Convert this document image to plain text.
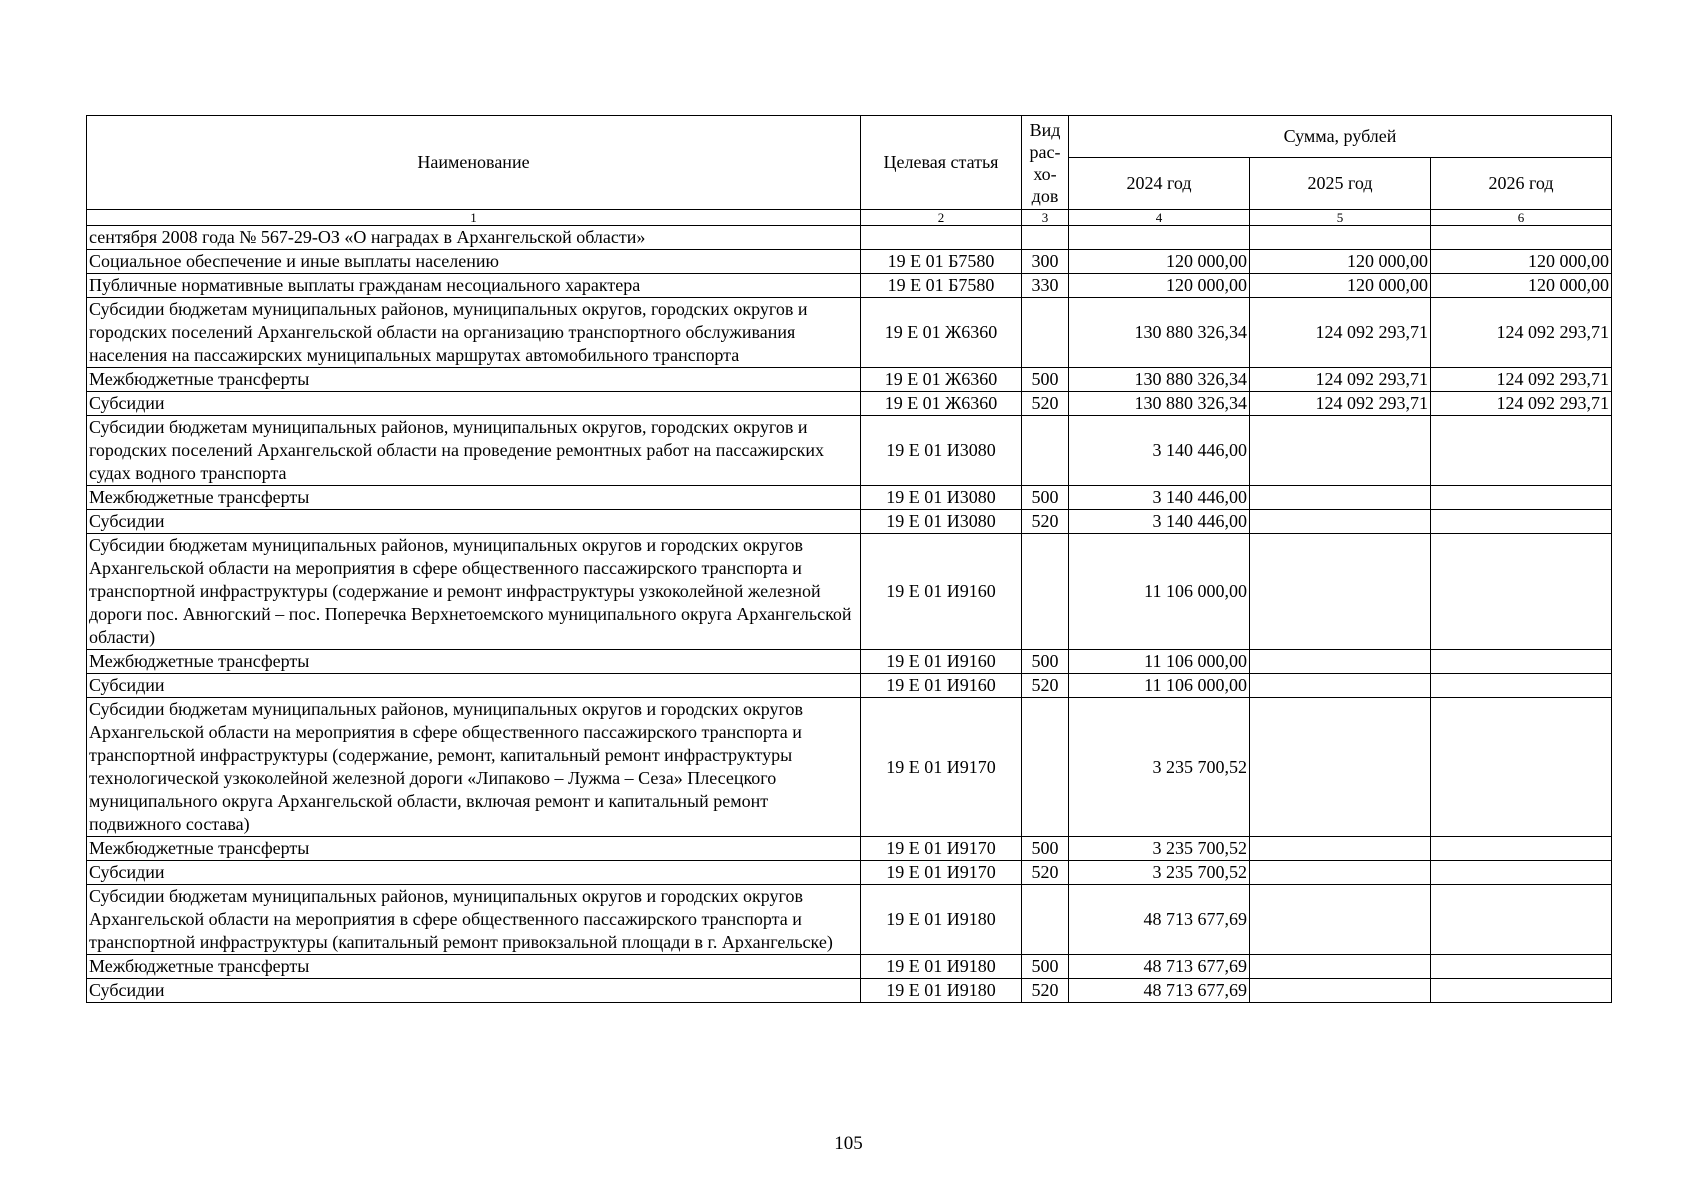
Наименование	Целевая статья	Вид рас-хо-дов	Сумма, рублей		
			2024 год	2025 год	2026 год
1	2	3	4	5	6
сентября 2008 года № 567-29-ОЗ «О наградах в Архангельской области»					
Социальное обеспечение и иные выплаты населению	19 Е 01 Б7580	300	120 000,00	120 000,00	120 000,00
Публичные нормативные выплаты гражданам несоциального характера	19 Е 01 Б7580	330	120 000,00	120 000,00	120 000,00
Субсидии бюджетам муниципальных районов, муниципальных округов, городских округов и городских поселений Архангельской области на организацию транспортного обслуживания населения на пассажирских муниципальных маршрутах автомобильного транспорта	19 Е 01 Ж6360		130 880 326,34	124 092 293,71	124 092 293,71
Межбюджетные трансферты	19 Е 01 Ж6360	500	130 880 326,34	124 092 293,71	124 092 293,71
Субсидии	19 Е 01 Ж6360	520	130 880 326,34	124 092 293,71	124 092 293,71
Субсидии бюджетам муниципальных районов, муниципальных округов, городских округов и городских поселений Архангельской области на проведение ремонтных работ на пассажирских судах водного транспорта	19 Е 01 И3080		3 140 446,00		
Межбюджетные трансферты	19 Е 01 И3080	500	3 140 446,00		
Субсидии	19 Е 01 И3080	520	3 140 446,00		
Субсидии бюджетам муниципальных районов, муниципальных округов и городских округов Архангельской области на мероприятия в сфере общественного пассажирского транспорта и транспортной инфраструктуры (содержание и ремонт инфраструктуры узкоколейной железной дороги пос. Авнюгский – пос. Поперечка Верхнетоемского муниципального округа Архангельской области)	19 Е 01 И9160		11 106 000,00		
Межбюджетные трансферты	19 Е 01 И9160	500	11 106 000,00		
Субсидии	19 Е 01 И9160	520	11 106 000,00		
Субсидии бюджетам муниципальных районов, муниципальных округов и городских округов Архангельской области на мероприятия в сфере общественного пассажирского транспорта и транспортной инфраструктуры (содержание, ремонт, капитальный ремонт инфраструктуры технологической узкоколейной железной дороги «Липаково – Лужма – Сеза» Плесецкого муниципального округа Архангельской области, включая ремонт и капитальный ремонт подвижного состава)	19 Е 01 И9170		3 235 700,52		
Межбюджетные трансферты	19 Е 01 И9170	500	3 235 700,52		
Субсидии	19 Е 01 И9170	520	3 235 700,52		
Субсидии бюджетам муниципальных районов, муниципальных округов и городских округов Архангельской области на мероприятия в сфере общественного пассажирского транспорта и транспортной инфраструктуры (капитальный ремонт привокзальной площади в г. Архангельске)	19 Е 01 И9180		48 713 677,69		
Межбюджетные трансферты	19 Е 01 И9180	500	48 713 677,69		
Субсидии	19 Е 01 И9180	520	48 713 677,69		
105
